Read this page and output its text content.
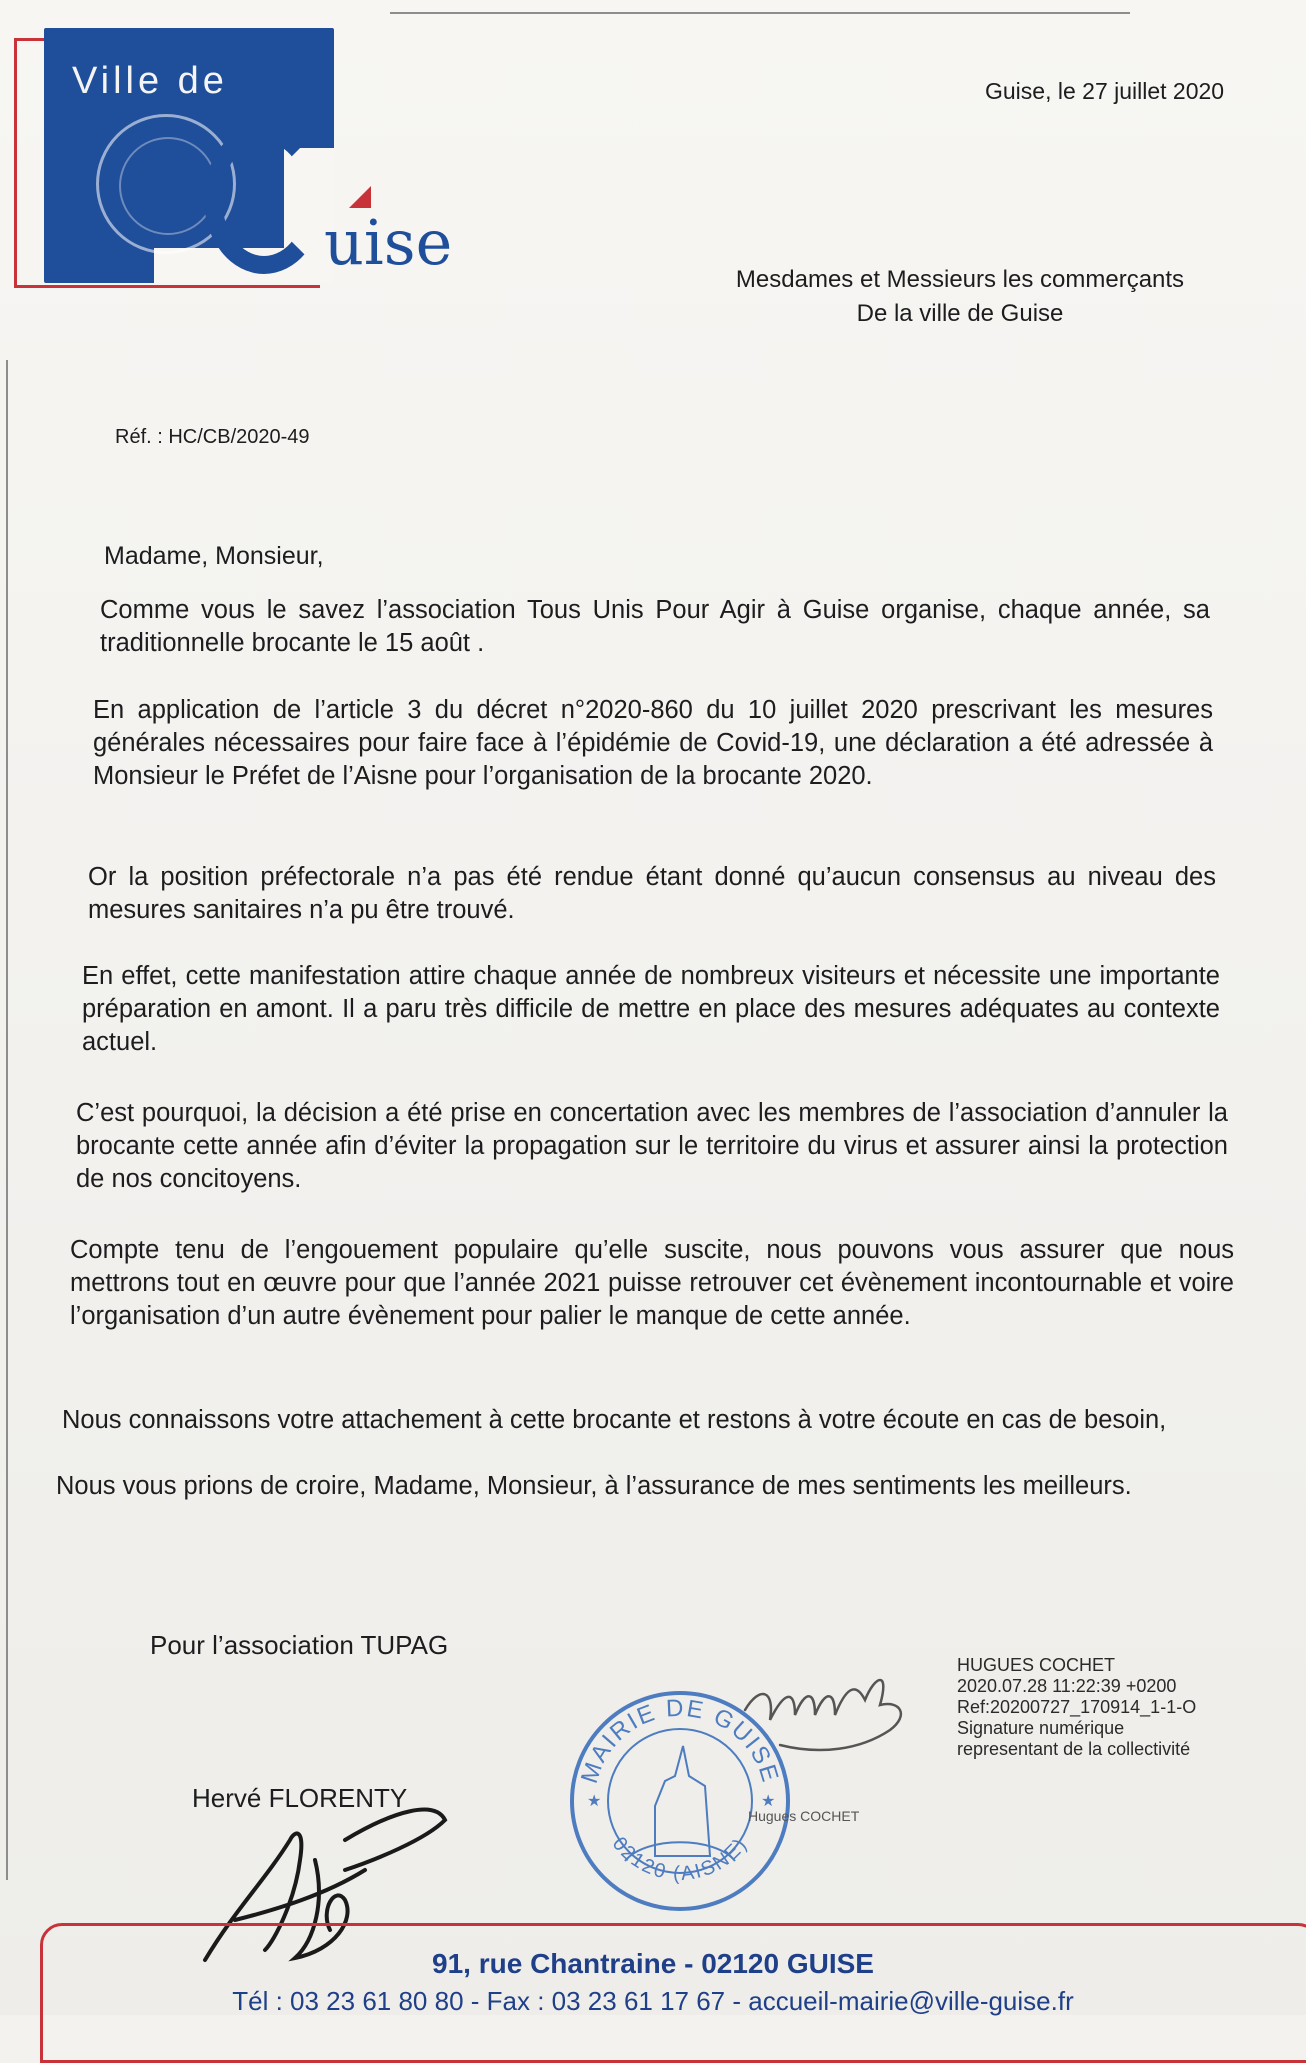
Ville de
uise
Guise, le 27 juillet 2020
Mesdames et Messieurs les commerçants
De la ville de Guise
Réf. : HC/CB/2020-49
Madame, Monsieur,
Comme vous le savez l’association Tous Unis Pour Agir à Guise organise, chaque année, sa traditionnelle brocante le 15 août .
En application de l’article 3 du décret n°2020-860 du 10 juillet 2020 prescrivant les mesures générales nécessaires pour faire face à l’épidémie de Covid-19, une déclaration a été adressée à Monsieur le Préfet de l’Aisne pour l’organisation de la brocante 2020.
Or la position préfectorale n’a pas été rendue étant donné qu’aucun consensus au niveau des mesures sanitaires n’a pu être trouvé.
En effet, cette manifestation attire chaque année de nombreux visiteurs et nécessite une importante préparation en amont. Il a paru très difficile de mettre en place des mesures adéquates au contexte actuel.
C’est pourquoi, la décision a été prise en concertation avec les membres de l’association d’annuler la brocante cette année afin d’éviter la propagation sur le territoire du virus et assurer ainsi la protection de nos concitoyens.
Compte tenu de l’engouement populaire qu’elle suscite, nous pouvons vous assurer que nous mettrons tout en œuvre pour que l’année 2021 puisse retrouver cet évènement incontournable et voire l’organisation d’un autre évènement pour palier le manque de cette année.
Nous connaissons votre attachement à cette brocante et restons à votre écoute en cas de besoin,
Nous vous prions de croire, Madame, Monsieur, à l’assurance de mes sentiments les meilleurs.
Pour l’association TUPAG
Hervé FLORENTY
HUGUES COCHET
2020.07.28 11:22:39 +0200
Ref:20200727_170914_1-1-O
Signature numérique
representant de la collectivité
MAIRIE DE GUISE
02120 (AISNE)
★	★
Hugues COCHET
91, rue Chantraine - 02120 GUISE
Tél : 03 23 61 80 80 - Fax : 03 23 61 17 67 - accueil-mairie@ville-guise.fr
